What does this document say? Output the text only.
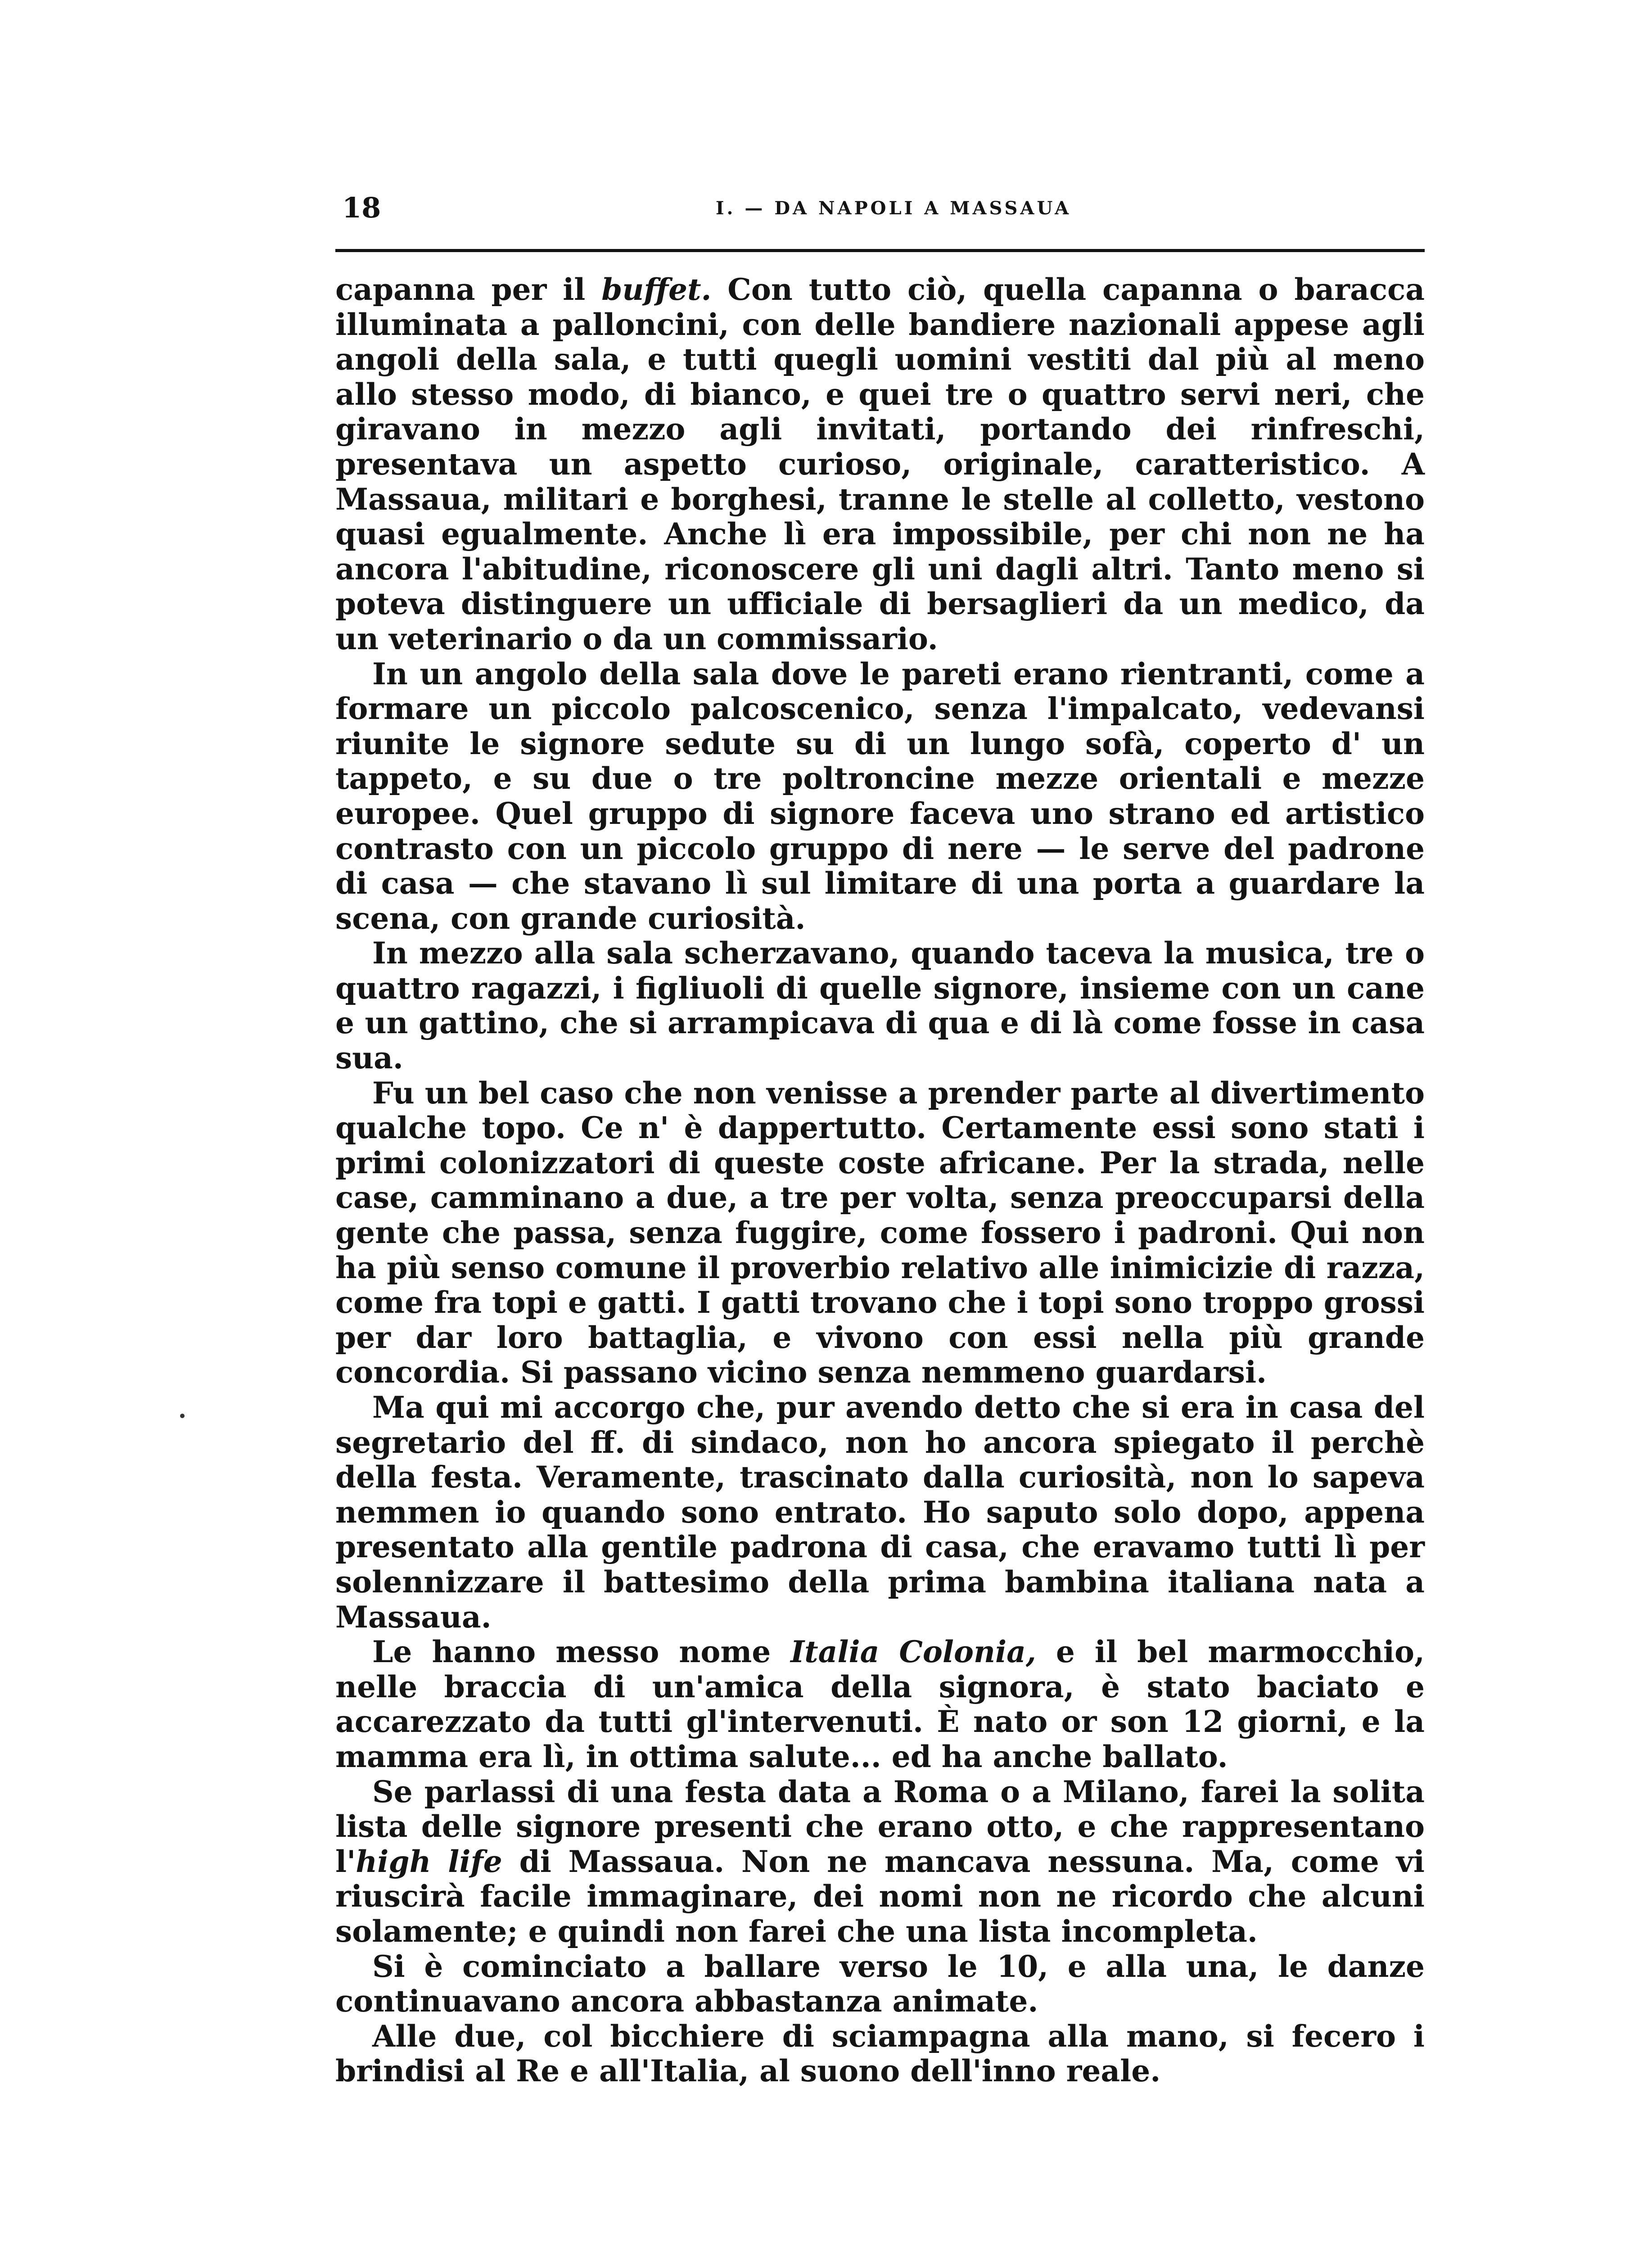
18	I. — DA NAPOLI A MASSAUA

capanna per il buffet. Con tutto ciò, quella capanna o baracca illuminata a palloncini, con delle bandiere nazionali appese agli angoli della sala, e tutti quegli uomini vestiti dal più al meno allo stesso modo, di bianco, e quei tre o quattro servi neri, che giravano in mezzo agli invitati, portando dei rinfreschi, presentava un aspetto curioso, originale, caratteristico. A Massaua, militari e borghesi, tranne le stelle al colletto, vestono quasi egualmente. Anche lì era impossibile, per chi non ne ha ancora l'abitudine, riconoscere gli uni dagli altri. Tanto meno si poteva distinguere un ufficiale di bersaglieri da un medico, da un veterinario o da un commissario.

In un angolo della sala dove le pareti erano rientranti, come a formare un piccolo palcoscenico, senza l'impalcato, vedevansi riunite le signore sedute su di un lungo sofà, coperto d' un tappeto, e su due o tre poltroncine mezze orientali e mezze europee. Quel gruppo di signore faceva uno strano ed artistico contrasto con un piccolo gruppo di nere — le serve del padrone di casa — che stavano lì sul limitare di una porta a guardare la scena, con grande curiosità.

In mezzo alla sala scherzavano, quando taceva la musica, tre o quattro ragazzi, i figliuoli di quelle signore, insieme con un cane e un gattino, che si arrampicava di qua e di là come fosse in casa sua.

Fu un bel caso che non venisse a prender parte al divertimento qualche topo. Ce n' è dappertutto. Certamente essi sono stati i primi colonizzatori di queste coste africane. Per la strada, nelle case, camminano a due, a tre per volta, senza preoccuparsi della gente che passa, senza fuggire, come fossero i padroni. Qui non ha più senso comune il proverbio relativo alle inimicizie di razza, come fra topi e gatti. I gatti trovano che i topi sono troppo grossi per dar loro battaglia, e vivono con essi nella più grande concordia. Si passano vicino senza nemmeno guardarsi.

Ma qui mi accorgo che, pur avendo detto che si era in casa del segretario del ff. di sindaco, non ho ancora spiegato il perchè della festa. Veramente, trascinato dalla curiosità, non lo sapeva nemmen io quando sono entrato. Ho saputo solo dopo, appena presentato alla gentile padrona di casa, che eravamo tutti lì per solennizzare il battesimo della prima bambina italiana nata a Massaua.

Le hanno messo nome Italia Colonia, e il bel marmocchio, nelle braccia di un'amica della signora, è stato baciato e accarezzato da tutti gl'intervenuti. È nato or son 12 giorni, e la mamma era lì, in ottima salute... ed ha anche ballato.

Se parlassi di una festa data a Roma o a Milano, farei la solita lista delle signore presenti che erano otto, e che rappresentano l'high life di Massaua. Non ne mancava nessuna. Ma, come vi riuscirà facile immaginare, dei nomi non ne ricordo che alcuni solamente; e quindi non farei che una lista incompleta.

Si è cominciato a ballare verso le 10, e alla una, le danze continuavano ancora abbastanza animate.

Alle due, col bicchiere di sciampagna alla mano, si fecero i brindisi al Re e all'Italia, al suono dell'inno reale.
